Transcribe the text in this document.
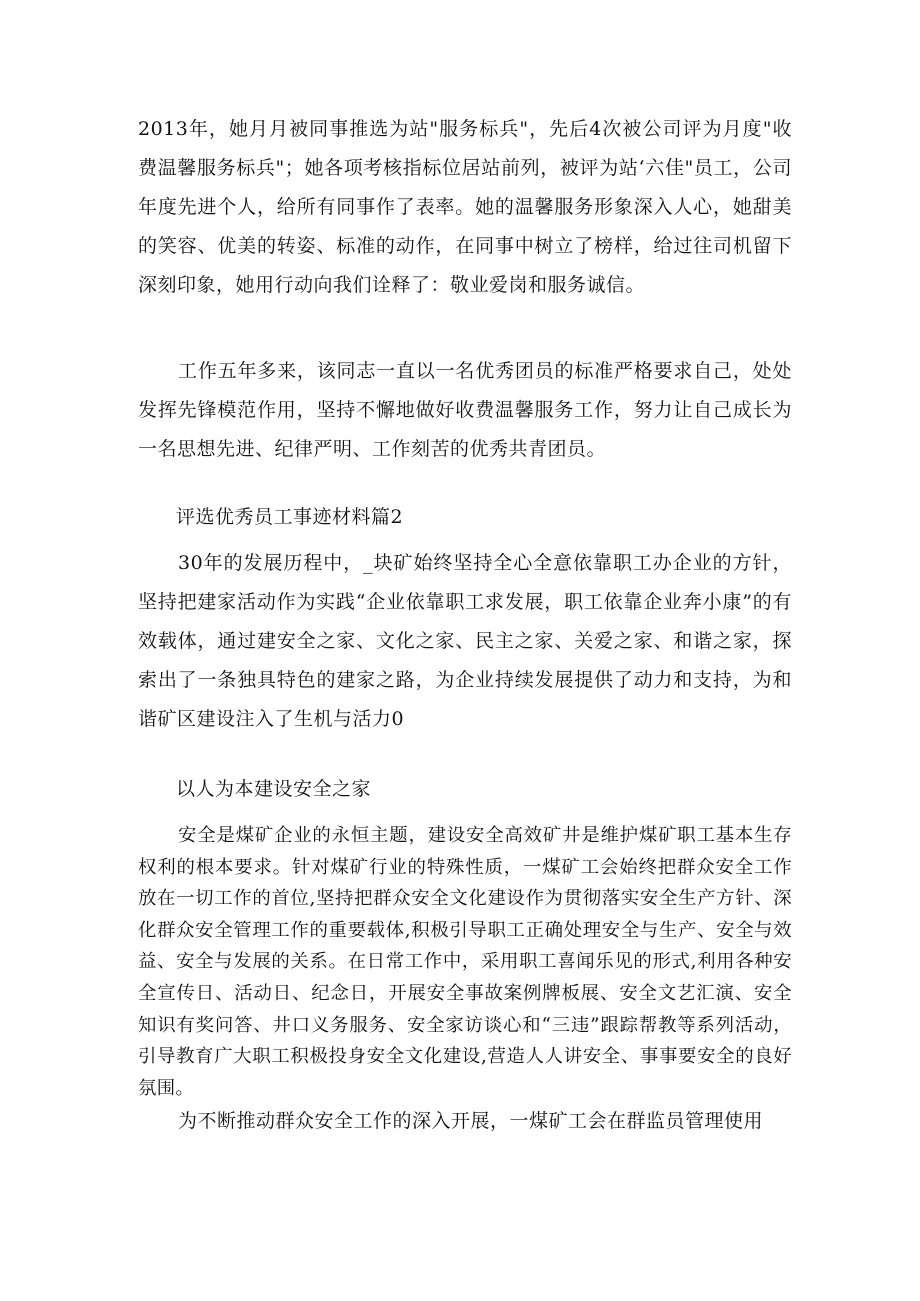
2013年，她月月被同事推选为站"服务标兵"，先后4次被公司评为月度"收费温馨服务标兵"；她各项考核指标位居站前列，被评为站‘六佳"员工，公司年度先进个人，给所有同事作了表率。她的温馨服务形象深入人心，她甜美的笑容、优美的转姿、标准的动作，在同事中树立了榜样，给过往司机留下深刻印象，她用行动向我们诠释了：敬业爱岗和服务诚信。

工作五年多来，该同志一直以一名优秀团员的标准严格要求自己，处处发挥先锋模范作用，坚持不懈地做好收费温馨服务工作，努力让自己成长为一名思想先进、纪律严明、工作刻苦的优秀共青团员。

评选优秀员工事迹材料篇2

30年的发展历程中，_块矿始终坚持全心全意依靠职工办企业的方针，坚持把建家活动作为实践“企业依靠职工求发展，职工依靠企业奔小康”的有效载体，通过建安全之家、文化之家、民主之家、关爱之家、和谐之家，探索出了一条独具特色的建家之路，为企业持续发展提供了动力和支持，为和谐矿区建设注入了生机与活力0

以人为本建设安全之家

安全是煤矿企业的永恒主题，建设安全高效矿井是维护煤矿职工基本生存权利的根本要求。针对煤矿行业的特殊性质，一煤矿工会始终把群众安全工作放在一切工作的首位,坚持把群众安全文化建设作为贯彻落实安全生产方针、深化群众安全管理工作的重要载体,积极引导职工正确处理安全与生产、安全与效益、安全与发展的关系。在日常工作中，采用职工喜闻乐见的形式,利用各种安全宣传日、活动日、纪念日，开展安全事故案例牌板展、安全文艺汇演、安全知识有奖问答、井口义务服务、安全家访谈心和“三违”跟踪帮教等系列活动，引导教育广大职工积极投身安全文化建设,营造人人讲安全、事事要安全的良好氛围。

为不断推动群众安全工作的深入开展，一煤矿工会在群监员管理使用
